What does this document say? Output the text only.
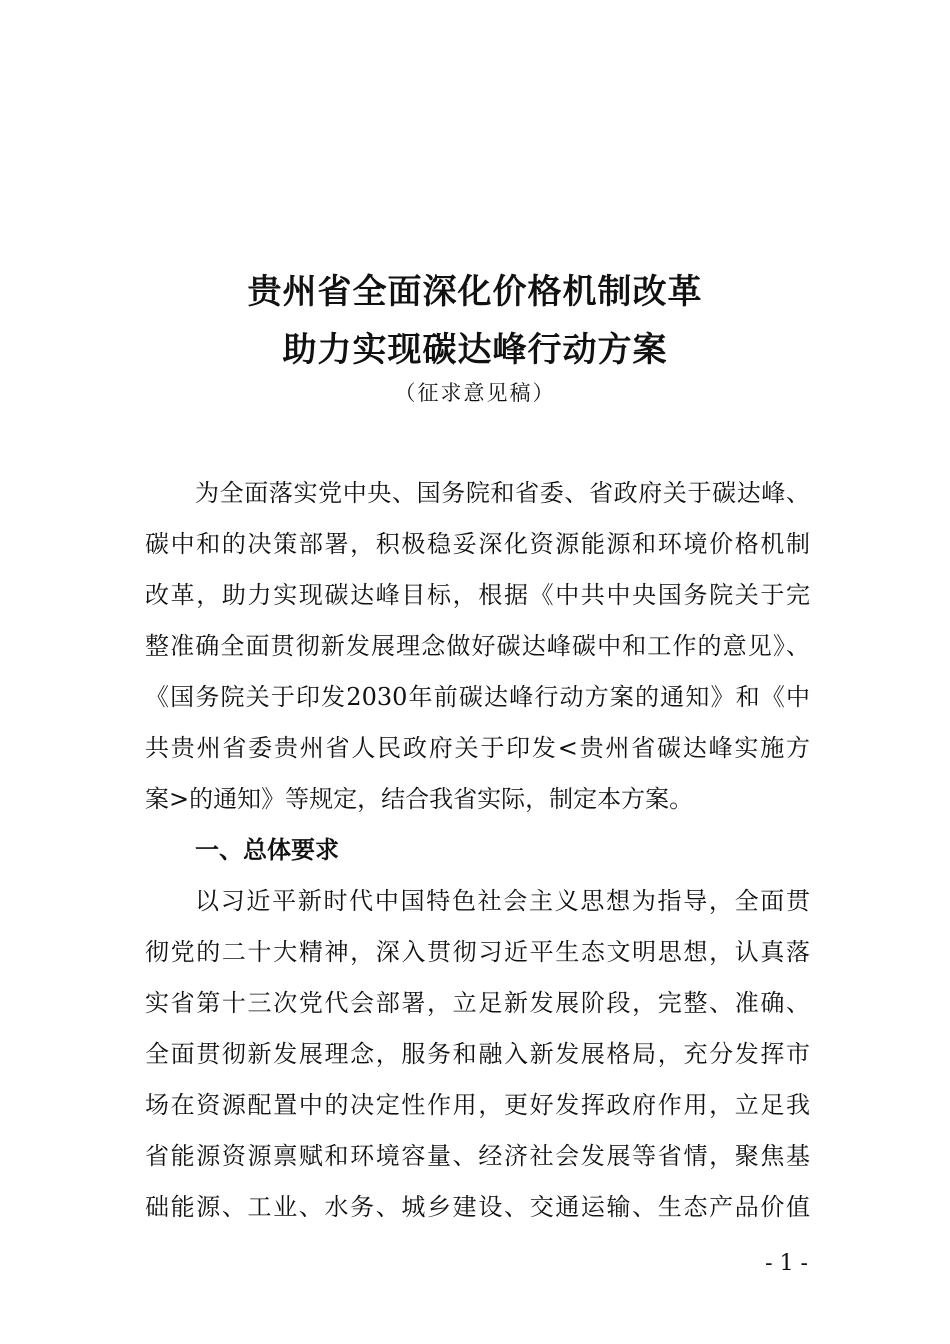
贵州省全面深化价格机制改革
助力实现碳达峰行动方案
（征求意见稿）
为全面落实党中央、国务院和省委、省政府关于碳达峰、
碳中和的决策部署，积极稳妥深化资源能源和环境价格机制
改革，助力实现碳达峰目标，根据《中共中央国务院关于完
整准确全面贯彻新发展理念做好碳达峰碳中和工作的意见》、
《国务院关于印发2030年前碳达峰行动方案的通知》和《中
共贵州省委贵州省人民政府关于印发<贵州省碳达峰实施方
案>的通知》等规定，结合我省实际，制定本方案。
一、总体要求
以习近平新时代中国特色社会主义思想为指导，全面贯
彻党的二十大精神，深入贯彻习近平生态文明思想，认真落
实省第十三次党代会部署，立足新发展阶段，完整、准确、
全面贯彻新发展理念，服务和融入新发展格局，充分发挥市
场在资源配置中的决定性作用，更好发挥政府作用，立足我
省能源资源禀赋和环境容量、经济社会发展等省情，聚焦基
础能源、工业、水务、城乡建设、交通运输、生态产品价值
- 1 -
